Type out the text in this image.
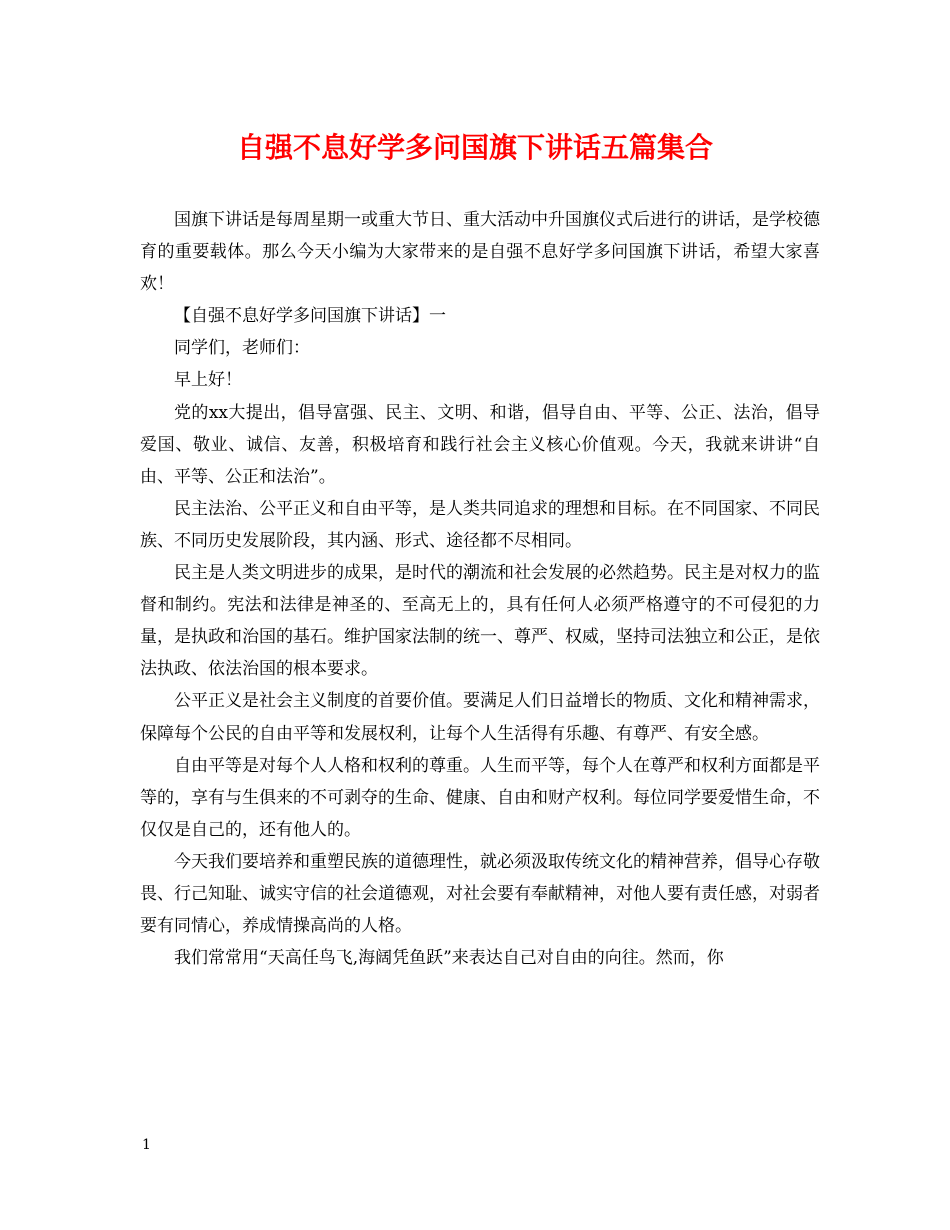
自强不息好学多问国旗下讲话五篇集合

国旗下讲话是每周星期一或重大节日、重大活动中升国旗仪式后进行的讲话，是学校德育的重要载体。那么今天小编为大家带来的是自强不息好学多问国旗下讲话，希望大家喜欢！

【自强不息好学多问国旗下讲话】一

同学们，老师们：

早上好！

党的xx大提出，倡导富强、民主、文明、和谐，倡导自由、平等、公正、法治，倡导爱国、敬业、诚信、友善，积极培育和践行社会主义核心价值观。今天，我就来讲讲“自由、平等、公正和法治”。

民主法治、公平正义和自由平等，是人类共同追求的理想和目标。在不同国家、不同民族、不同历史发展阶段，其内涵、形式、途径都不尽相同。

民主是人类文明进步的成果，是时代的潮流和社会发展的必然趋势。民主是对权力的监督和制约。宪法和法律是神圣的、至高无上的，具有任何人必须严格遵守的不可侵犯的力量，是执政和治国的基石。维护国家法制的统一、尊严、权威，坚持司法独立和公正，是依法执政、依法治国的根本要求。

公平正义是社会主义制度的首要价值。要满足人们日益增长的物质、文化和精神需求，保障每个公民的自由平等和发展权利，让每个人生活得有乐趣、有尊严、有安全感。

自由平等是对每个人人格和权利的尊重。人生而平等，每个人在尊严和权利方面都是平等的，享有与生俱来的不可剥夺的生命、健康、自由和财产权利。每位同学要爱惜生命，不仅仅是自己的，还有他人的。

今天我们要培养和重塑民族的道德理性，就必须汲取传统文化的精神营养，倡导心存敬畏、行己知耻、诚实守信的社会道德观，对社会要有奉献精神，对他人要有责任感，对弱者要有同情心，养成情操高尚的人格。

我们常常用“天高任鸟飞,海阔凭鱼跃”来表达自己对自由的向往。然而，你

1
